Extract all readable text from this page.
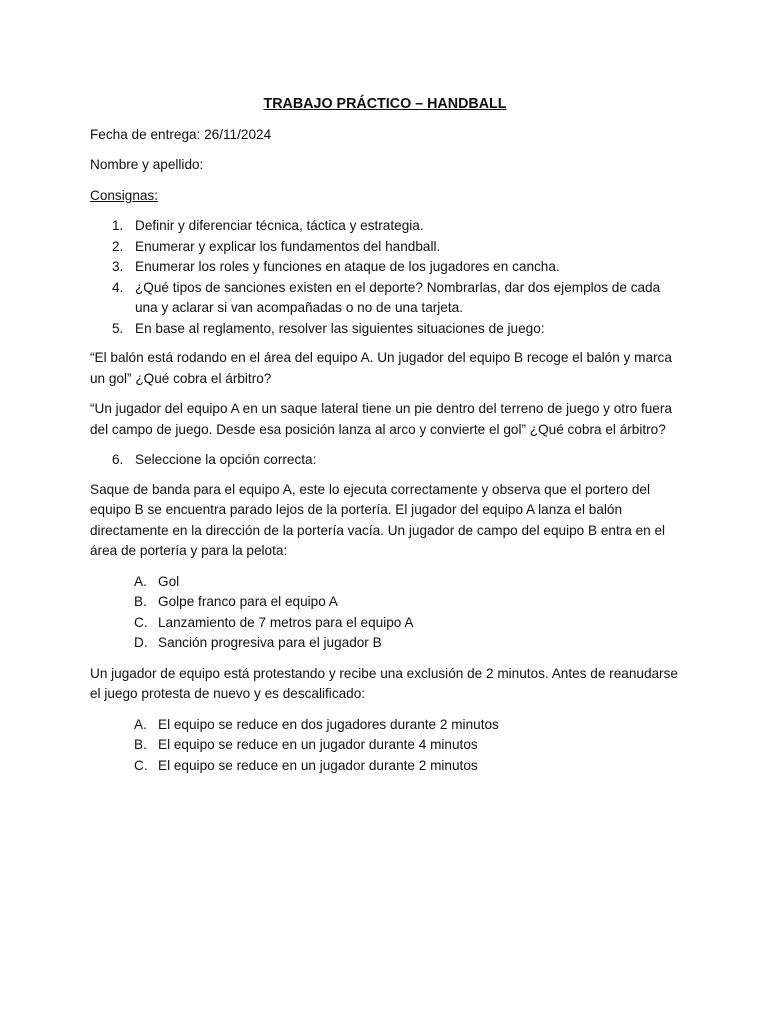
TRABAJO PRÁCTICO – HANDBALL

Fecha de entrega: 26/11/2024

Nombre y apellido:

Consignas:

1. Definir y diferenciar técnica, táctica y estrategia.
2. Enumerar y explicar los fundamentos del handball.
3. Enumerar los roles y funciones en ataque de los jugadores en cancha.
4. ¿Qué tipos de sanciones existen en el deporte? Nombrarlas, dar dos ejemplos de cada una y aclarar si van acompañadas o no de una tarjeta.
5. En base al reglamento, resolver las siguientes situaciones de juego:

“El balón está rodando en el área del equipo A. Un jugador del equipo B recoge el balón y marca un gol” ¿Qué cobra el árbitro?

“Un jugador del equipo A en un saque lateral tiene un pie dentro del terreno de juego y otro fuera del campo de juego. Desde esa posición lanza al arco y convierte el gol” ¿Qué cobra el árbitro?

6. Seleccione la opción correcta:

Saque de banda para el equipo A, este lo ejecuta correctamente y observa que el portero del equipo B se encuentra parado lejos de la portería. El jugador del equipo A lanza el balón directamente en la dirección de la portería vacía. Un jugador de campo del equipo B entra en el área de portería y para la pelota:

A. Gol
B. Golpe franco para el equipo A
C. Lanzamiento de 7 metros para el equipo A
D. Sanción progresiva para el jugador B

Un jugador de equipo está protestando y recibe una exclusión de 2 minutos. Antes de reanudarse el juego protesta de nuevo y es descalificado:

A. El equipo se reduce en dos jugadores durante 2 minutos
B. El equipo se reduce en un jugador durante 4 minutos
C. El equipo se reduce en un jugador durante 2 minutos
